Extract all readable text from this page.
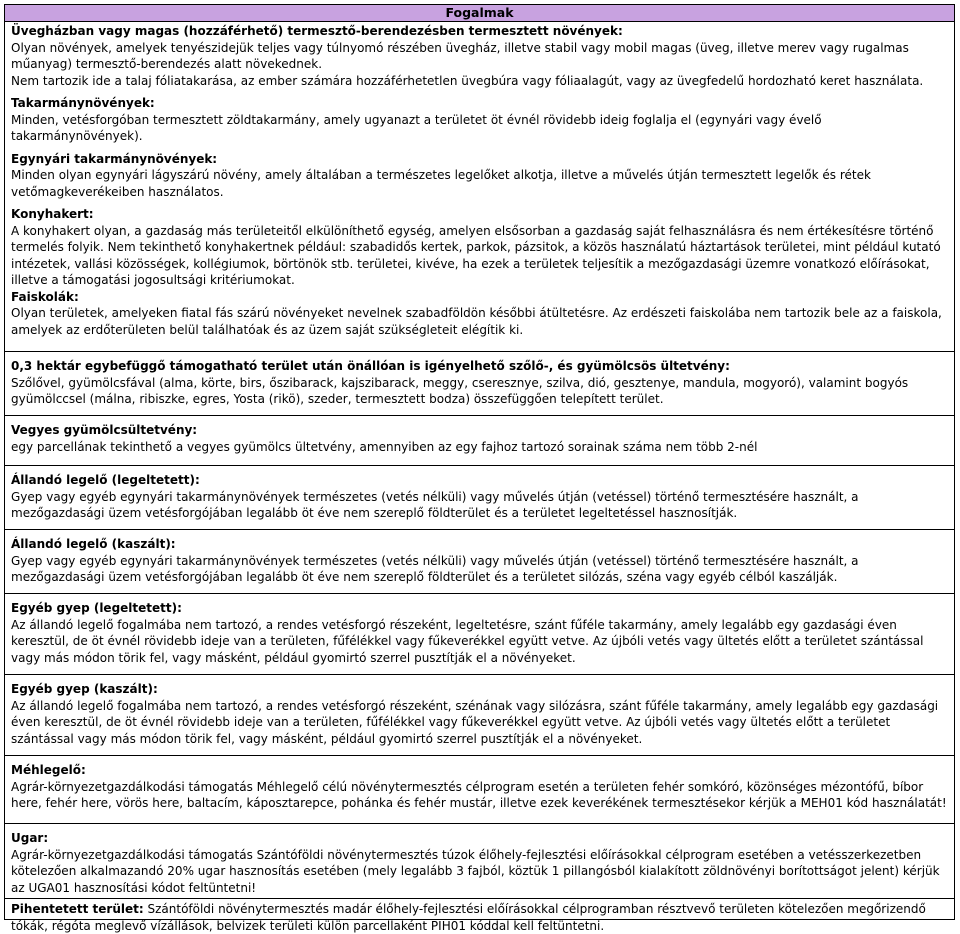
Fogalmak

Üvegházban vagy magas (hozzáférhető) termesztő-berendezésben termesztett növények:

Olyan növények, amelyek tenyészidejük teljes vagy túlnyomó részében üvegház, illetve stabil vagy mobil magas (üveg, illetve merev vagy rugalmas műanyag) termesztő-berendezés alatt növekednek.

Nem tartozik ide a talaj fóliatakarása, az ember számára hozzáférhetetlen üvegbúra vagy fóliaalagút, vagy az üvegfedelű hordozható keret használata.

Takarmánynövények:

Minden, vetésforgóban termesztett zöldtakarmány, amely ugyanazt a területet öt évnél rövidebb ideig foglalja el (egynyári vagy évelő takarmánynövények).

Egynyári takarmánynövények:

Minden olyan egynyári lágyszárú növény, amely általában a természetes legelőket alkotja, illetve a művelés útján termesztett legelők és rétek vetőmagkeverékeiben használatos.

Konyhakert:

A konyhakert olyan, a gazdaság más területeitől elkülöníthető egység, amelyen elsősorban a gazdaság saját felhasználásra és nem értékesítésre történő termelés folyik. Nem tekinthető konyhakertnek például: szabadidős kertek, parkok, pázsitok, a közös használatú háztartások területei, mint például kutató intézetek, vallási közösségek, kollégiumok, börtönök stb. területei, kivéve, ha ezek a területek teljesítik a mezőgazdasági üzemre vonatkozó előírásokat, illetve a támogatási jogosultsági kritériumokat.

Faiskolák:

Olyan területek, amelyeken fiatal fás szárú növényeket nevelnek szabadföldön későbbi átültetésre. Az erdészeti faiskolába nem tartozik bele az a faiskola, amelyek az erdőterületen belül találhatóak és az üzem saját szükségleteit elégítik ki.

0,3 hektár egybefüggő támogatható terület után önállóan is igényelhető szőlő-, és gyümölcsös ültetvény:

Szőlővel, gyümölcsfával (alma, körte, birs, őszibarack, kajszibarack, meggy, cseresznye, szilva, dió, gesztenye, mandula, mogyoró), valamint bogyós gyümölccsel (málna, ribiszke, egres, Yosta (rikö), szeder, termesztett bodza) összefüggően telepített terület.

Vegyes gyümölcsültetvény:

egy parcellának tekinthető a vegyes gyümölcs ültetvény, amennyiben az egy fajhoz tartozó sorainak száma nem több 2-nél

Állandó legelő (legeltetett):

Gyep vagy egyéb egynyári takarmánynövények természetes (vetés nélküli) vagy művelés útján (vetéssel) történő termesztésére használt, a mezőgazdasági üzem vetésforgójában legalább öt éve nem szereplő földterület és a területet legeltetéssel hasznosítják.

Állandó legelő (kaszált):

Gyep vagy egyéb egynyári takarmánynövények természetes (vetés nélküli) vagy művelés útján (vetéssel) történő termesztésére használt, a mezőgazdasági üzem vetésforgójában legalább öt éve nem szereplő földterület és a területet silózás, széna vagy egyéb célból kaszálják.

Egyéb gyep (legeltetett):

Az állandó legelő fogalmába nem tartozó, a rendes vetésforgó részeként, legeltetésre, szánt fűféle takarmány, amely legalább egy gazdasági éven keresztül, de öt évnél rövidebb ideje van a területen, fűfélékkel vagy fűkeverékkel együtt vetve. Az újbóli vetés vagy ültetés előtt a területet szántással vagy más módon törik fel, vagy másként, például gyomirtó szerrel pusztítják el a növényeket.

Egyéb gyep (kaszált):

Az állandó legelő fogalmába nem tartozó, a rendes vetésforgó részeként, szénának vagy silózásra, szánt fűféle takarmány, amely legalább egy gazdasági éven keresztül, de öt évnél rövidebb ideje van a területen, fűfélékkel vagy fűkeverékkel együtt vetve. Az újbóli vetés vagy ültetés előtt a területet szántással vagy más módon törik fel, vagy másként, például gyomirtó szerrel pusztítják el a növényeket.

Méhlegelő:

Agrár-környezetgazdálkodási támogatás Méhlegelő célú növénytermesztés célprogram esetén a területen fehér somkóró, közönséges mézontófű, bíbor here, fehér here, vörös here, baltacím, káposztarepce, pohánka és fehér mustár, illetve ezek keverékének termesztésekor kérjük a MEH01 kód használatát!

Ugar:

Agrár-környezetgazdálkodási támogatás Szántóföldi növénytermesztés túzok élőhely-fejlesztési előírásokkal célprogram esetében a vetésszerkezetben kötelezően alkalmazandó 20% ugar hasznosítás esetében (mely legalább 3 fajból, köztük 1 pillangósból kialakított zöldnövényi borítottságot jelent) kérjük az UGA01 hasznosítási kódot feltüntetni!

Pihentetett terület: Szántóföldi növénytermesztés madár élőhely-fejlesztési előírásokkal célprogramban résztvevő területen kötelezően megőrizendő tókák, régóta meglevő vízállások, belvizek területi külön parcellaként PIH01 kóddal kell feltüntetni.
